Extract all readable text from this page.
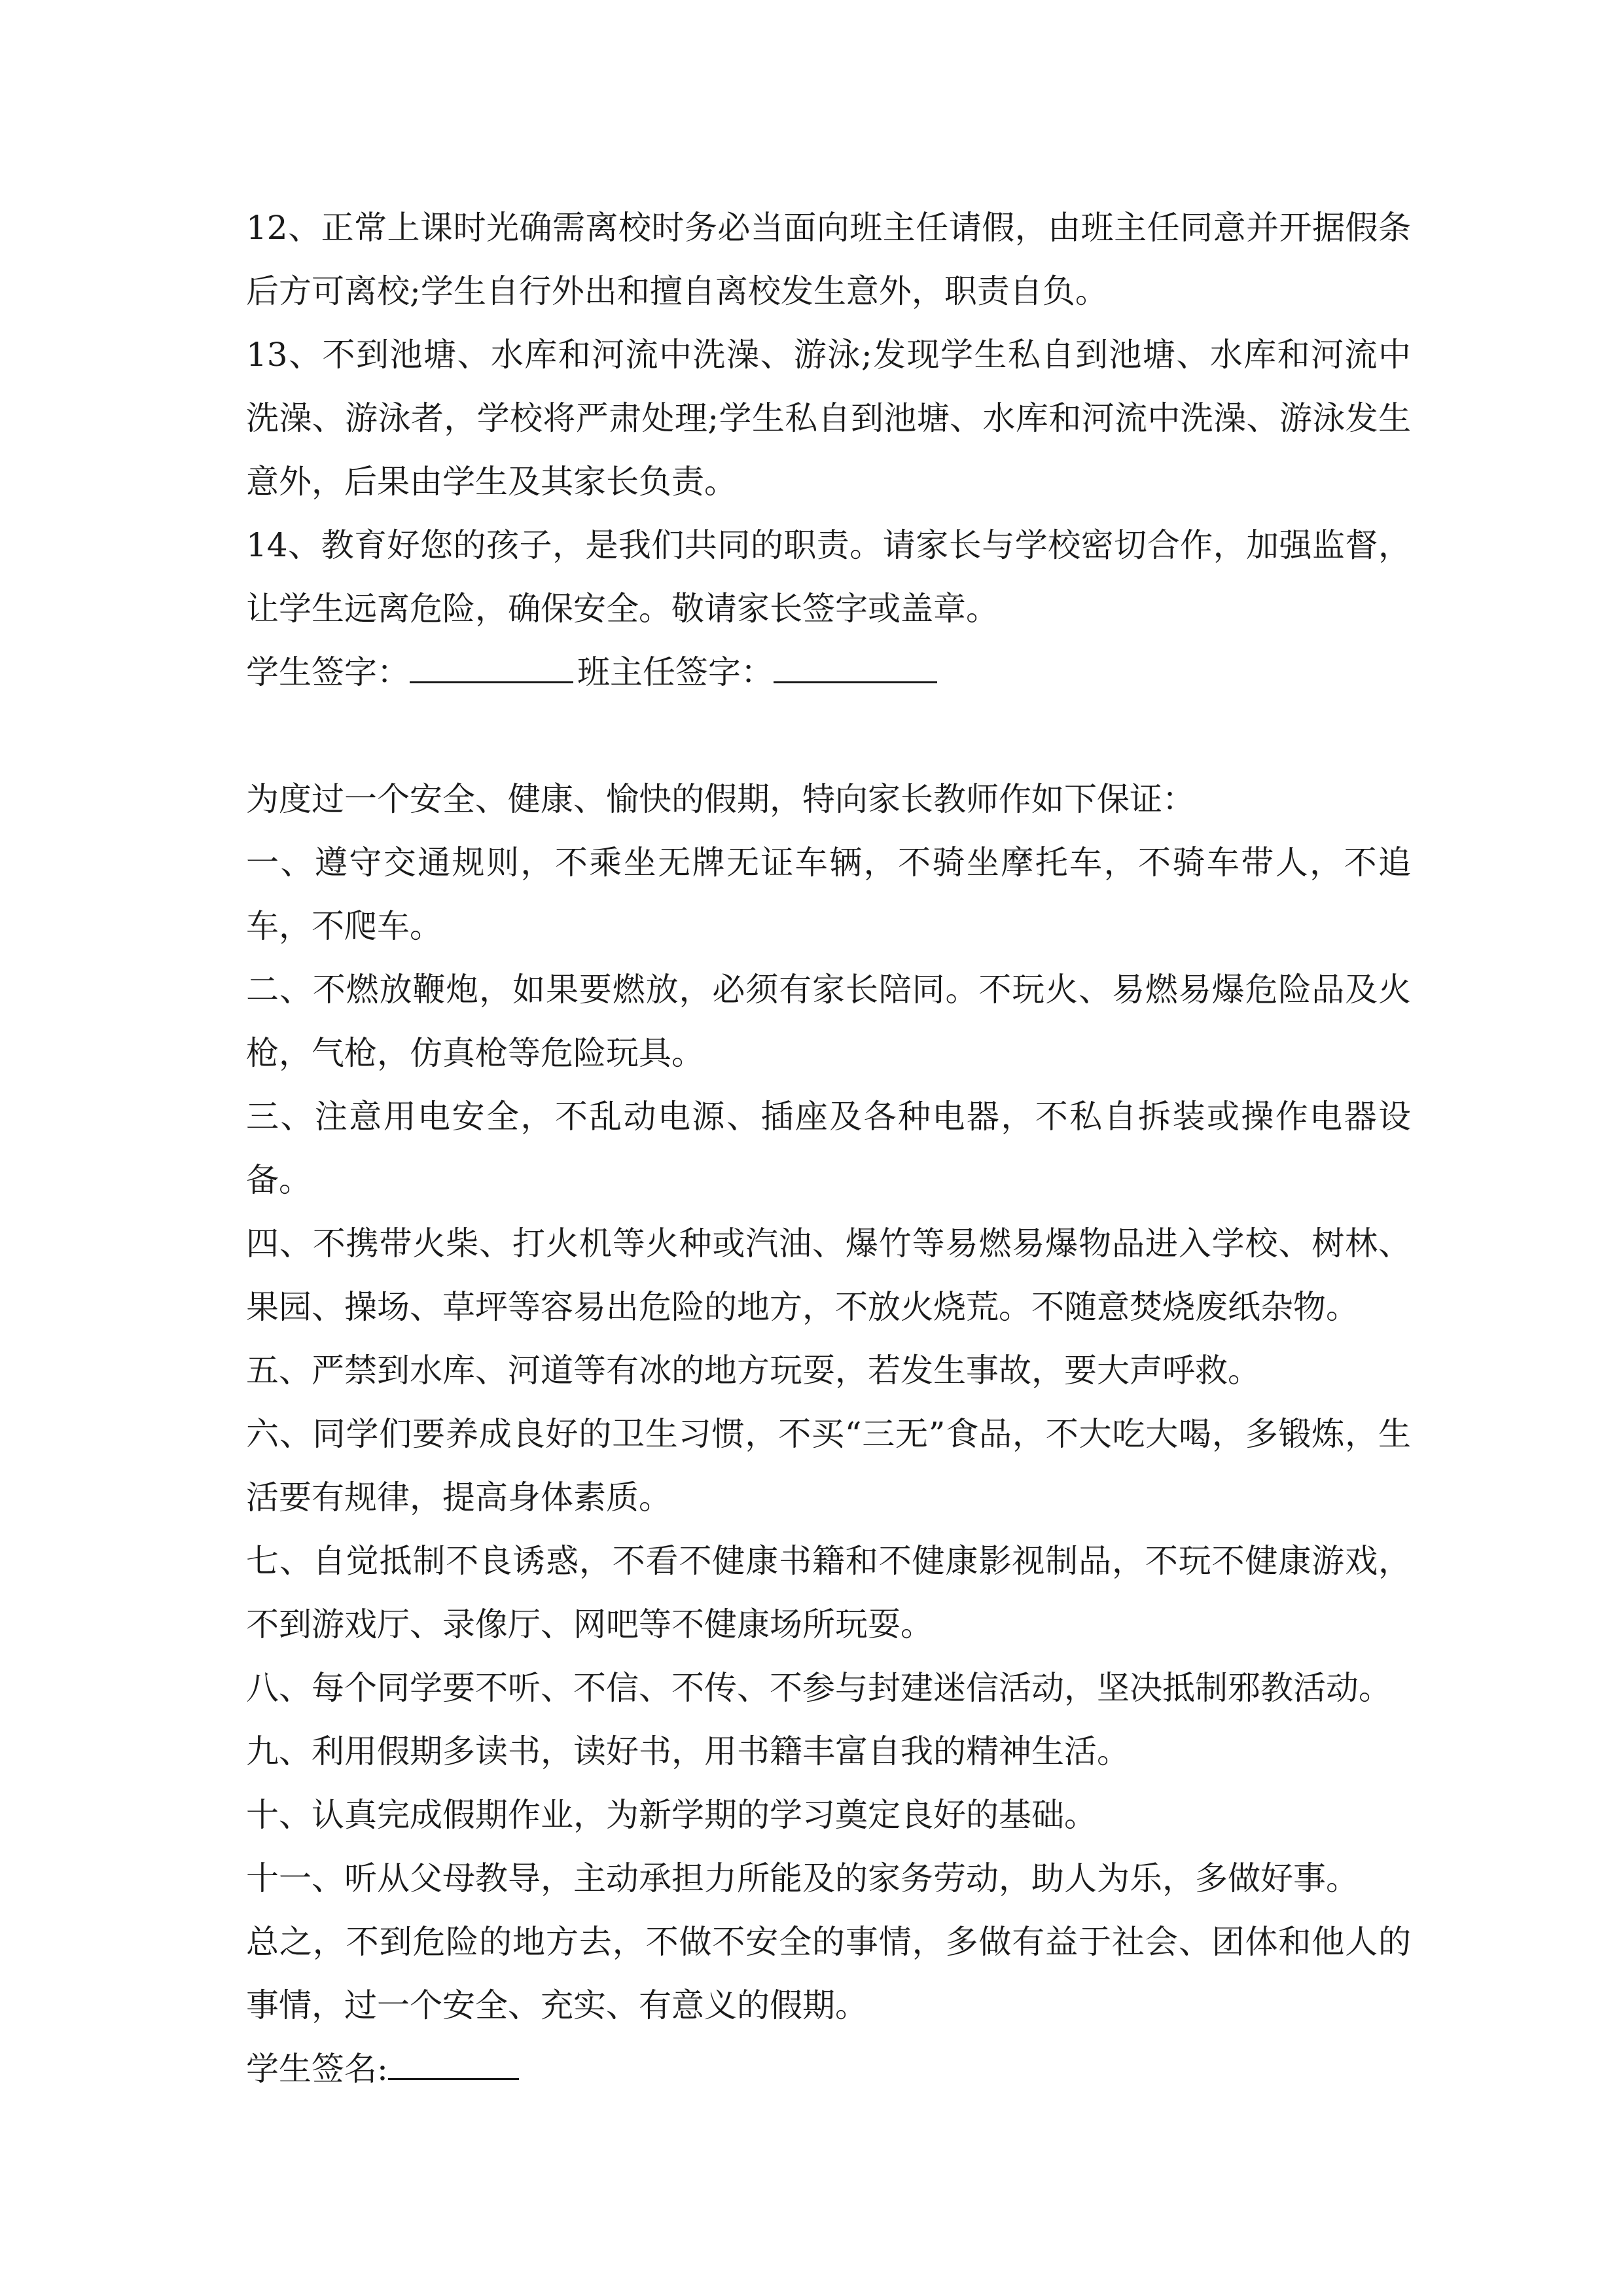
12、正常上课时光确需离校时务必当面向班主任请假，由班主任同意并开据假条后方可离校;学生自行外出和擅自离校发生意外，职责自负。

13、不到池塘、水库和河流中洗澡、游泳;发现学生私自到池塘、水库和河流中洗澡、游泳者，学校将严肃处理;学生私自到池塘、水库和河流中洗澡、游泳发生意外，后果由学生及其家长负责。

14、教育好您的孩子，是我们共同的职责。请家长与学校密切合作，加强监督，让学生远离危险，确保安全。敬请家长签字或盖章。

学生签字：	班主任签字：

为度过一个安全、健康、愉快的假期，特向家长教师作如下保证：

一、遵守交通规则，不乘坐无牌无证车辆，不骑坐摩托车，不骑车带人，不追车，不爬车。

二、不燃放鞭炮，如果要燃放，必须有家长陪同。不玩火、易燃易爆危险品及火枪，气枪，仿真枪等危险玩具。

三、注意用电安全，不乱动电源、插座及各种电器，不私自拆装或操作电器设备。

四、不携带火柴、打火机等火种或汽油、爆竹等易燃易爆物品进入学校、树林、果园、操场、草坪等容易出危险的地方，不放火烧荒。不随意焚烧废纸杂物。

五、严禁到水库、河道等有冰的地方玩耍，若发生事故，要大声呼救。

六、同学们要养成良好的卫生习惯，不买“三无”食品，不大吃大喝，多锻炼，生活要有规律，提高身体素质。

七、自觉抵制不良诱惑，不看不健康书籍和不健康影视制品，不玩不健康游戏，不到游戏厅、录像厅、网吧等不健康场所玩耍。

八、每个同学要不听、不信、不传、不参与封建迷信活动，坚决抵制邪教活动。

九、利用假期多读书，读好书，用书籍丰富自我的精神生活。

十、认真完成假期作业，为新学期的学习奠定良好的基础。

十一、听从父母教导，主动承担力所能及的家务劳动，助人为乐，多做好事。

总之，不到危险的地方去，不做不安全的事情，多做有益于社会、团体和他人的事情，过一个安全、充实、有意义的假期。

学生签名:
